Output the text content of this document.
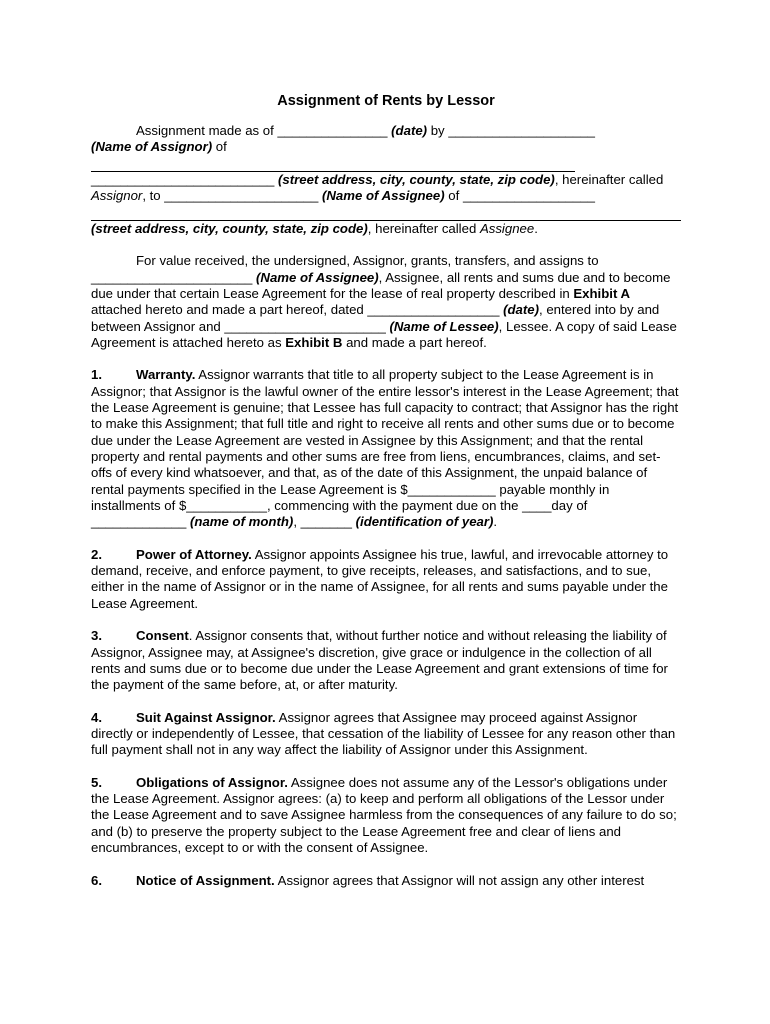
Assignment of Rents by Lessor

Assignment made as of _______________ (date) by ____________________
(Name of Assignor) of
_________________________ (street address, city, county, state, zip code), hereinafter called Assignor, to _____________________ (Name of Assignee) of __________________
(street address, city, county, state, zip code), hereinafter called Assignee.

For value received, the undersigned, Assignor, grants, transfers, and assigns to ______________________ (Name of Assignee), Assignee, all rents and sums due and to become due under that certain Lease Agreement for the lease of real property described in Exhibit A attached hereto and made a part hereof, dated __________________ (date), entered into by and between Assignor and ______________________ (Name of Lessee), Lessee. A copy of said Lease Agreement is attached hereto as Exhibit B and made a part hereof.

1.	Warranty. Assignor warrants that title to all property subject to the Lease Agreement is in Assignor; that Assignor is the lawful owner of the entire lessor's interest in the Lease Agreement; that the Lease Agreement is genuine; that Lessee has full capacity to contract; that Assignor has the right to make this Assignment; that full title and right to receive all rents and other sums due or to become due under the Lease Agreement are vested in Assignee by this Assignment; and that the rental property and rental payments and other sums are free from liens, encumbrances, claims, and set-offs of every kind whatsoever, and that, as of the date of this Assignment, the unpaid balance of rental payments specified in the Lease Agreement is $____________ payable monthly in installments of $___________, commencing with the payment due on the ____day of _____________ (name of month), _______ (identification of year).

2.	Power of Attorney. Assignor appoints Assignee his true, lawful, and irrevocable attorney to demand, receive, and enforce payment, to give receipts, releases, and satisfactions, and to sue, either in the name of Assignor or in the name of Assignee, for all rents and sums payable under the Lease Agreement.

3.	Consent. Assignor consents that, without further notice and without releasing the liability of Assignor, Assignee may, at Assignee's discretion, give grace or indulgence in the collection of all rents and sums due or to become due under the Lease Agreement and grant extensions of time for the payment of the same before, at, or after maturity.

4.	Suit Against Assignor. Assignor agrees that Assignee may proceed against Assignor directly or independently of Lessee, that cessation of the liability of Lessee for any reason other than full payment shall not in any way affect the liability of Assignor under this Assignment.

5.	Obligations of Assignor. Assignee does not assume any of the Lessor's obligations under the Lease Agreement. Assignor agrees: (a) to keep and perform all obligations of the Lessor under the Lease Agreement and to save Assignee harmless from the consequences of any failure to do so; and (b) to preserve the property subject to the Lease Agreement free and clear of liens and encumbrances, except to or with the consent of Assignee.

6.	Notice of Assignment. Assignor agrees that Assignor will not assign any other interest
